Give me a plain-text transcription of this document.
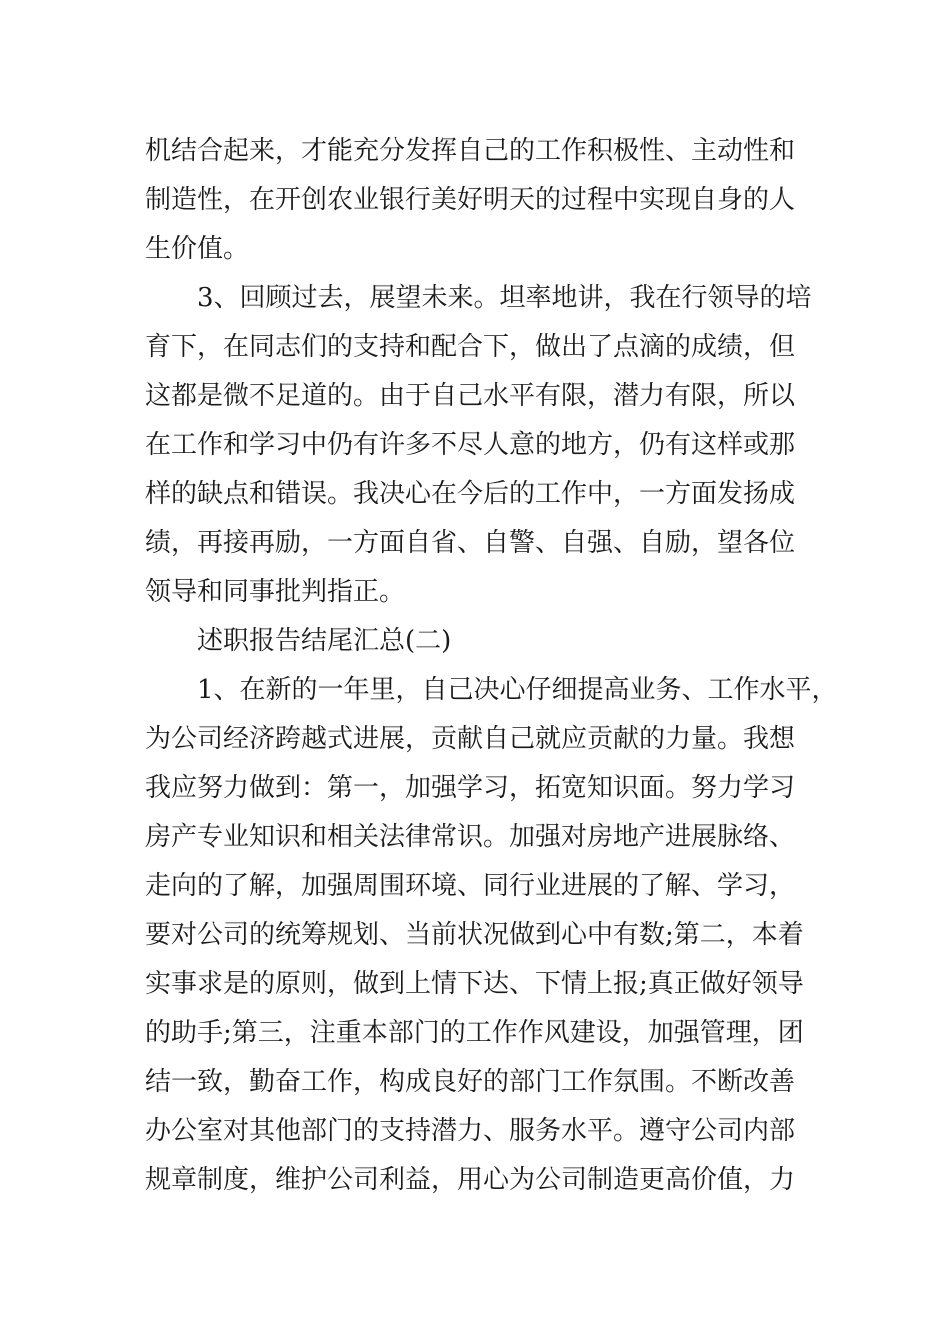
机结合起来，才能充分发挥自己的工作积极性、主动性和
制造性，在开创农业银行美好明天的过程中实现自身的人
生价值。
3、回顾过去，展望未来。坦率地讲，我在行领导的培
育下，在同志们的支持和配合下，做出了点滴的成绩，但
这都是微不足道的。由于自己水平有限，潜力有限，所以
在工作和学习中仍有许多不尽人意的地方，仍有这样或那
样的缺点和错误。我决心在今后的工作中，一方面发扬成
绩，再接再励，一方面自省、自警、自强、自励，望各位
领导和同事批判指正。
述职报告结尾汇总(二)
1、在新的一年里，自己决心仔细提高业务、工作水平，
为公司经济跨越式进展，贡献自己就应贡献的力量。我想
我应努力做到：第一，加强学习，拓宽知识面。努力学习
房产专业知识和相关法律常识。加强对房地产进展脉络、
走向的了解，加强周围环境、同行业进展的了解、学习，
要对公司的统筹规划、当前状况做到心中有数;第二，本着
实事求是的原则，做到上情下达、下情上报;真正做好领导
的助手;第三，注重本部门的工作作风建设，加强管理，团
结一致，勤奋工作，构成良好的部门工作氛围。不断改善
办公室对其他部门的支持潜力、服务水平。遵守公司内部
规章制度，维护公司利益，用心为公司制造更高价值，力
